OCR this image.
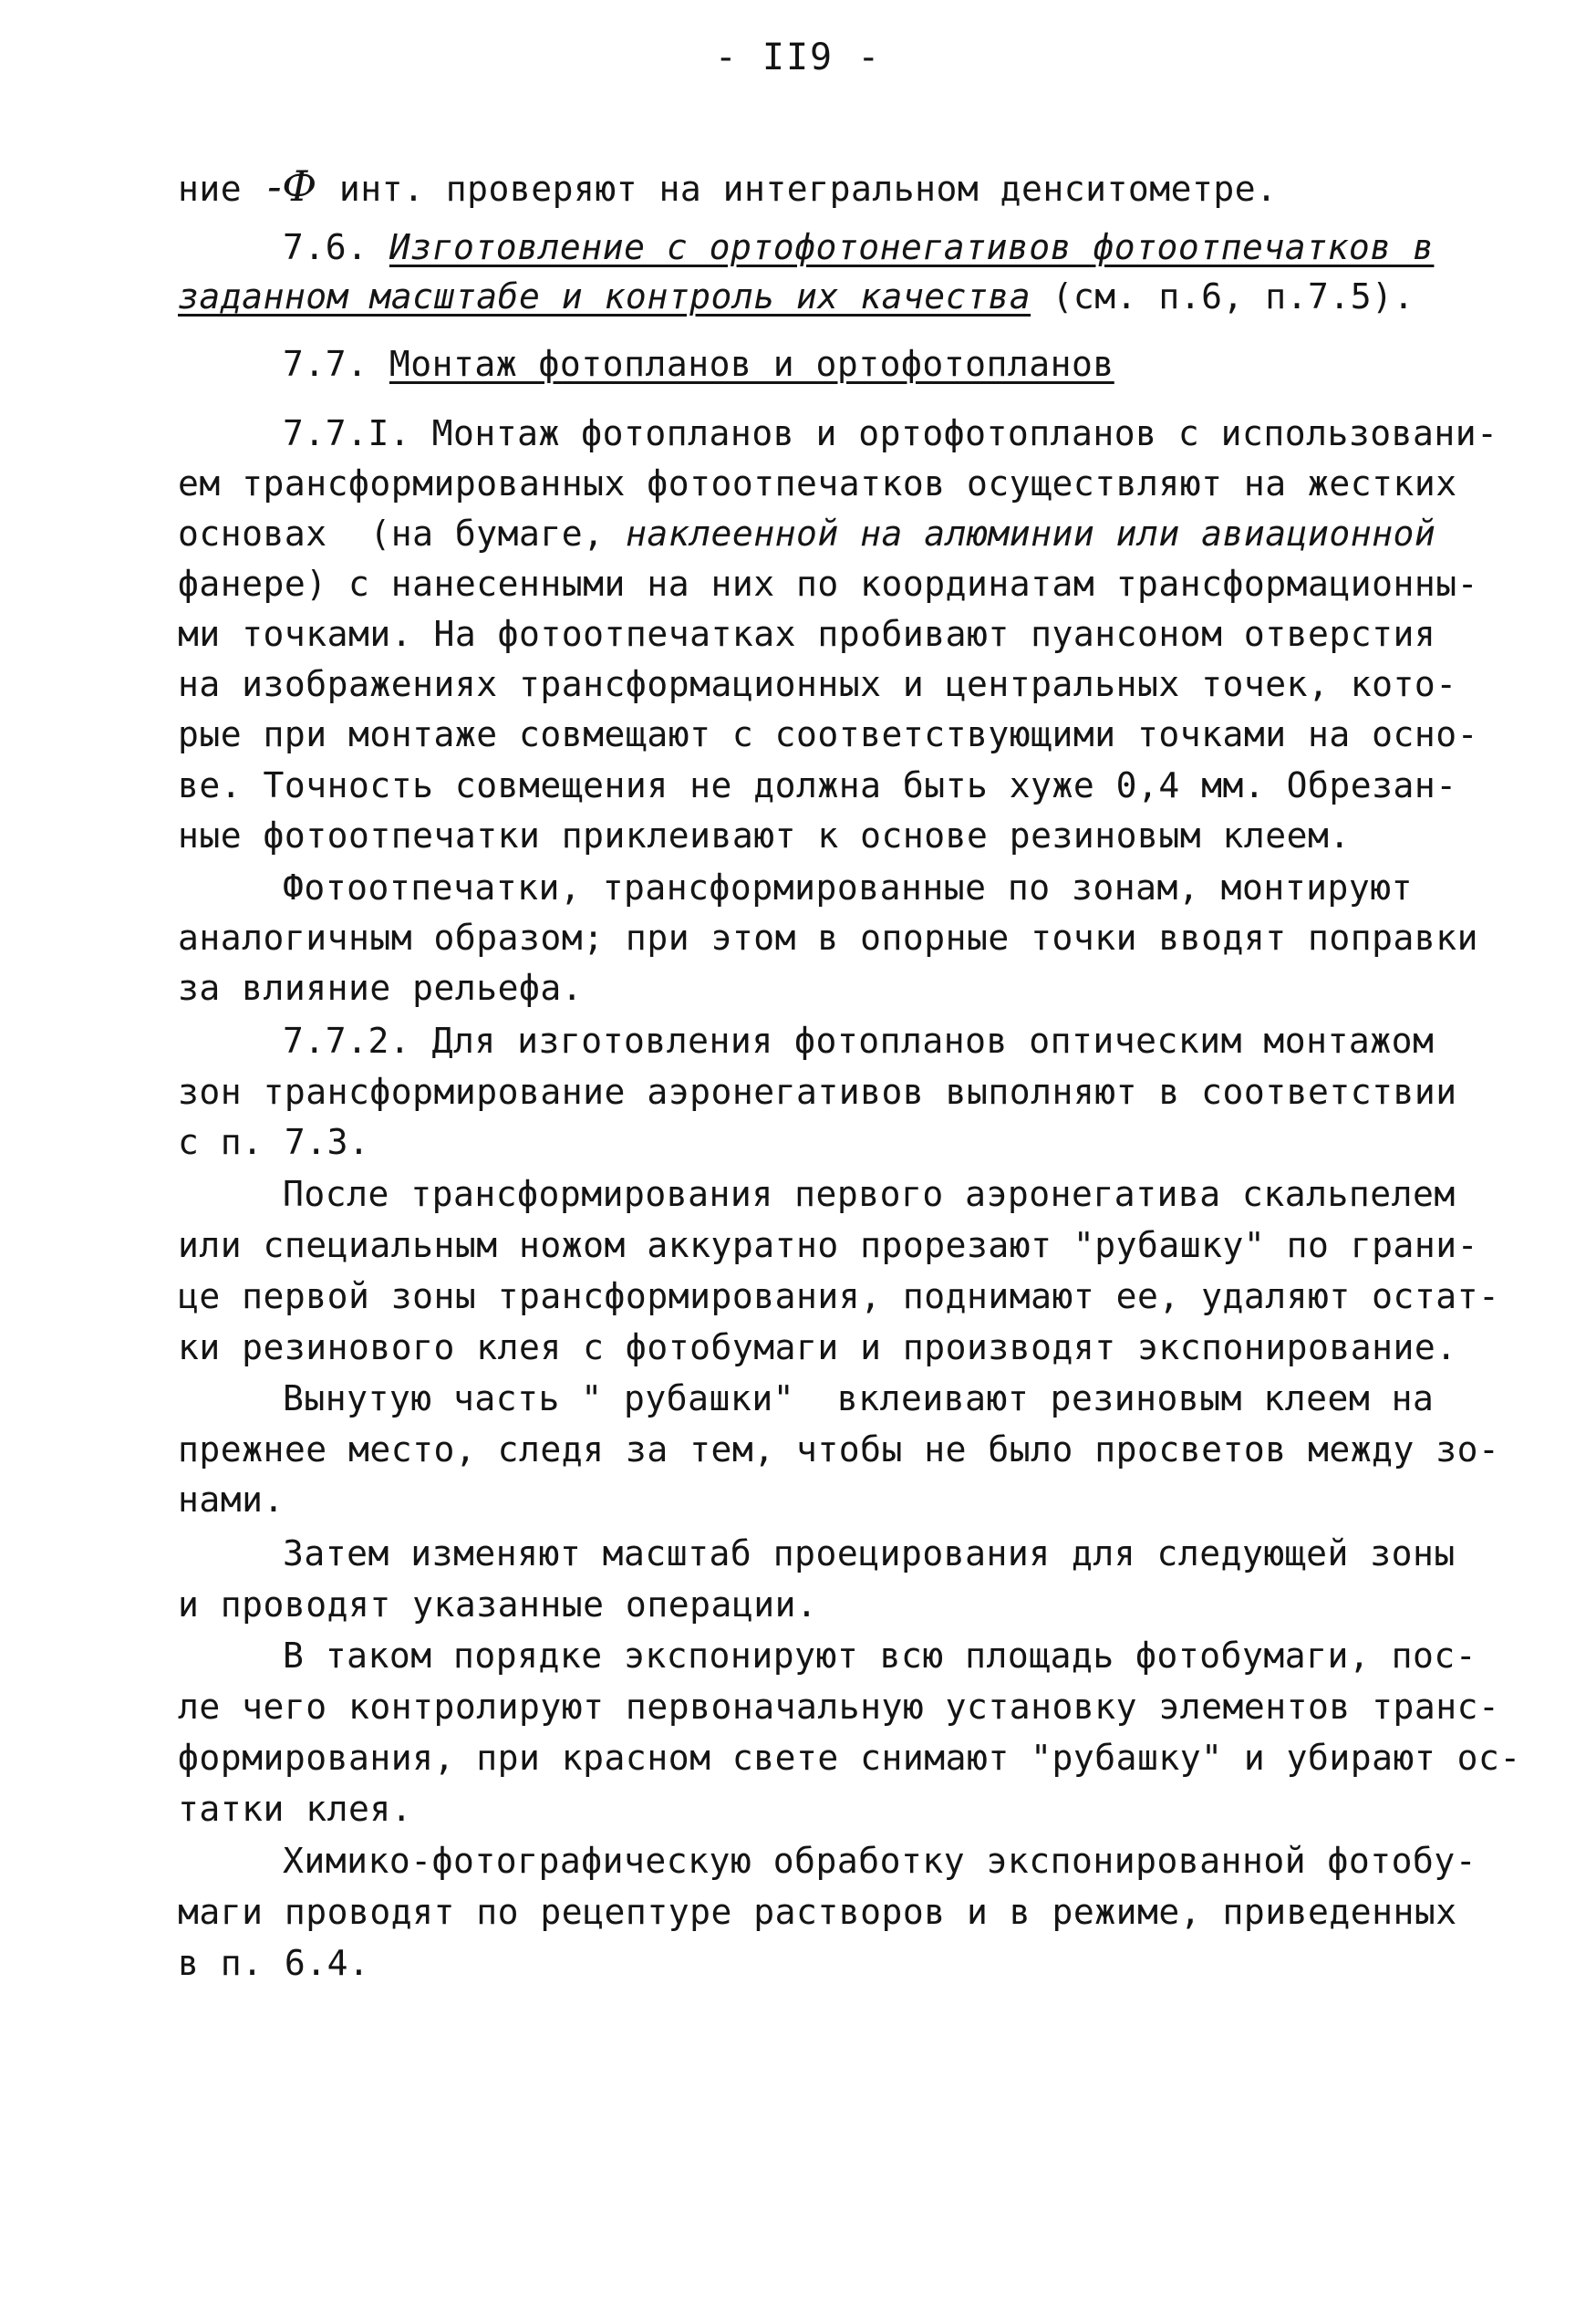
- II9 -
ние -Ф инт. проверяют на интегральном денситометре.
7.6. Изготовление с ортофотонегативов фотоотпечатков в
заданном масштабе и контроль их качества (см. п.6, п.7.5).
7.7. Монтаж фотопланов и ортофотопланов
7.7.I. Монтаж фотопланов и ортофотопланов с использовани-
ем трансформированных фотоотпечатков осуществляют на жестких
основах  (на бумаге, наклеенной на алюминии или авиационной
фанере) с нанесенными на них по координатам трансформационны-
ми точками. На фотоотпечатках пробивают пуансоном отверстия
на изображениях трансформационных и центральных точек, кото-
рые при монтаже совмещают с соответствующими точками на осно-
ве. Точность совмещения не должна быть хуже 0,4 мм. Обрезан-
ные фотоотпечатки приклеивают к основе резиновым клеем.
Фотоотпечатки, трансформированные по зонам, монтируют
аналогичным образом; при этом в опорные точки вводят поправки
за влияние рельефа.
7.7.2. Для изготовления фотопланов оптическим монтажом
зон трансформирование аэронегативов выполняют в соответствии
с п. 7.3.
После трансформирования первого аэронегатива скальпелем
или специальным ножом аккуратно прорезают "рубашку" по грани-
це первой зоны трансформирования, поднимают ее, удаляют остат-
ки резинового клея с фотобумаги и производят экспонирование.
Вынутую часть " рубашки"  вклеивают резиновым клеем на
прежнее место, следя за тем, чтобы не было просветов между зо-
нами.
Затем изменяют масштаб проецирования для следующей зоны
и проводят указанные операции.
В таком порядке экспонируют всю площадь фотобумаги, пос-
ле чего контролируют первоначальную установку элементов транс-
формирования, при красном свете снимают "рубашку" и убирают ос-
татки клея.
Химико-фотографическую обработку экспонированной фотобу-
маги проводят по рецептуре растворов и в режиме, приведенных
в п. 6.4.
